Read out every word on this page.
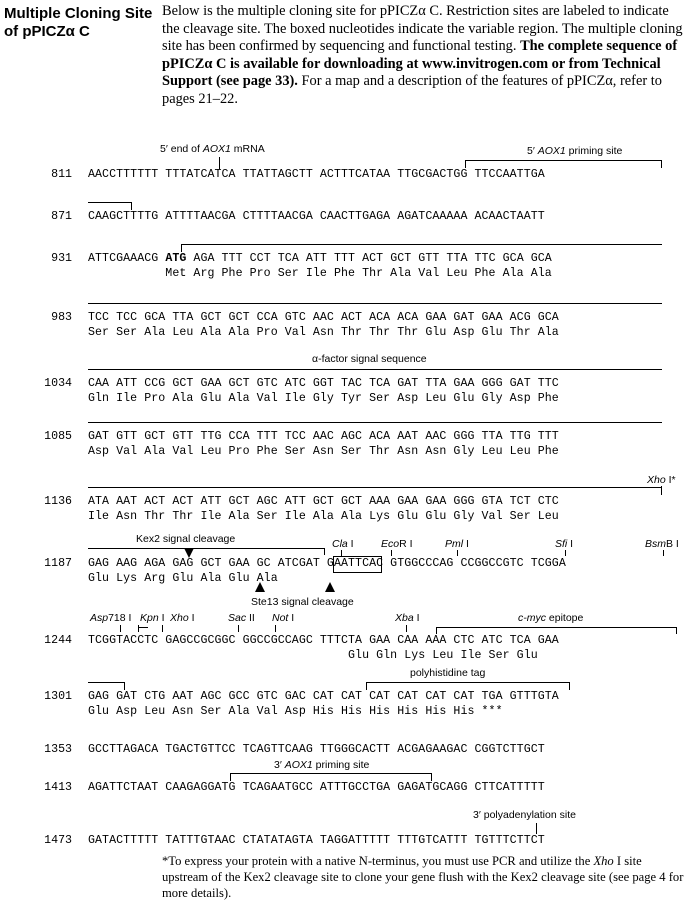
Multiple Cloning Site of pPICZα C
Below is the multiple cloning site for pPICZα C. Restriction sites are labeled to indicate the cleavage site. The boxed nucleotides indicate the variable region. The multiple cloning site has been confirmed by sequencing and functional testing. The complete sequence of pPICZα C is available for downloading at www.invitrogen.com or from Technical Support (see page 33). For a map and a description of the features of pPICZα, refer to pages 21–22.
5′ end of AOX1 mRNA	5′ AOX1 priming site
811 AACCTTTTTT TTTATCATCA TTATTAGCTT ACTTTCATAA TTGCGACTGG TTCCAATTGA
871 CAAGCTTTTG ATTTTAACGA CTTTTAACGA CAACTTGAGA AGATCAAAAA ACAACTAATT
931 ATTCGAAACG ATG AGA TTT CCT TCA ATT TTT ACT GCT GTT TTA TTC GCA GCA
Met Arg Phe Pro Ser Ile Phe Thr Ala Val Leu Phe Ala Ala
983 TCC TCC GCA TTA GCT GCT CCA GTC AAC ACT ACA ACA GAA GAT GAA ACG GCA
Ser Ser Ala Leu Ala Ala Pro Val Asn Thr Thr Thr Glu Asp Glu Thr Ala
α-factor signal sequence
1034 CAA ATT CCG GCT GAA GCT GTC ATC GGT TAC TCA GAT TTA GAA GGG GAT TTC
Gln Ile Pro Ala Glu Ala Val Ile Gly Tyr Ser Asp Leu Glu Gly Asp Phe
1085 GAT GTT GCT GTT TTG CCA TTT TCC AAC AGC ACA AAT AAC GGG TTA TTG TTT
Asp Val Ala Val Leu Pro Phe Ser Asn Ser Thr Asn Asn Gly Leu Leu Phe
Xho I*
1136 ATA AAT ACT ACT ATT GCT AGC ATT GCT GCT AAA GAA GAA GGG GTA TCT CTC
Ile Asn Thr Thr Ile Ala Ser Ile Ala Ala Lys Glu Glu Gly Val Ser Leu
Kex2 signal cleavage	Cla I	EcoR I	Pml I	Sfi I	BsmB I
1187 GAG AAG AGA GAG GCT GAA GC ATCGAT GAATTCAC GTGGCCCAG CCGGCCGTC TCGGA
Glu Lys Arg Glu Ala Glu Ala
Ste13 signal cleavage
Asp718 I Kpn I Xho I	Sac II Not I	Xba I	c-myc epitope
1244 TCGGTACCTC GAGCCGCGGC GGCCGCCAGC TTTCTA GAA CAA AAA CTC ATC TCA GAA
Glu Gln Lys Leu Ile Ser Glu
polyhistidine tag
1301 GAG GAT CTG AAT AGC GCC GTC GAC CAT CAT CAT CAT CAT CAT TGA GTTTGTA
Glu Asp Leu Asn Ser Ala Val Asp His His His His His His ***
1353 GCCTTAGACA TGACTGTTCC TCAGTTCAAG TTGGGCACTT ACGAGAAGAC CGGTCTTGCT
3′ AOX1 priming site
1413 AGATTCTAAT CAAGAGGATG TCAGAATGCC ATTTGCCTGA GAGATGCAGG CTTCATTTTT
3′ polyadenylation site
1473 GATACTTTTT TATTTGTAAC CTATATAGTA TAGGATTTTT TTTGTCATTT TGTTTCTTCT
*To express your protein with a native N-terminus, you must use PCR and utilize the Xho I site upstream of the Kex2 cleavage site to clone your gene flush with the Kex2 cleavage site (see page 4 for more details).
